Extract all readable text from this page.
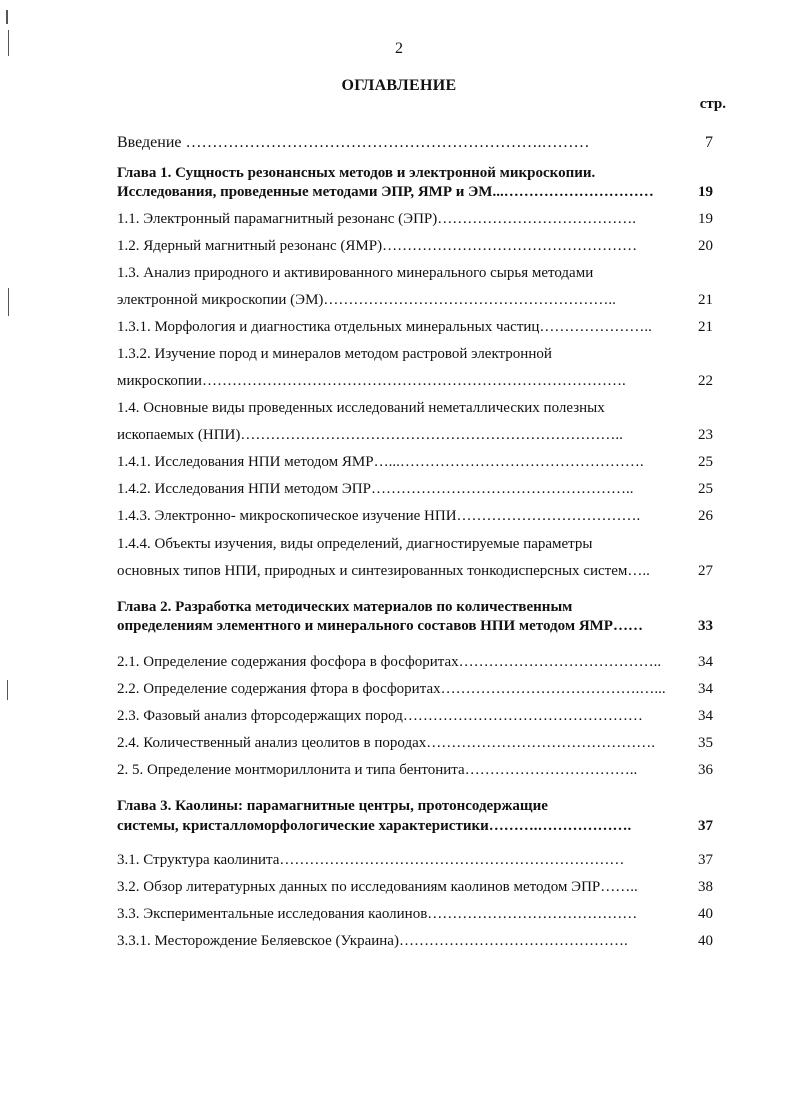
2
ОГЛАВЛЕНИЕ
стр.
Введение ………………………………………………………….………	7
Глава 1. Сущность резонансных методов и электронной микроскопии.
Исследования, проведенные методами ЭПР, ЯМР и ЭМ...…………………………	19
1.1. Электронный парамагнитный резонанс (ЭПР)………………………………….	19
1.2. Ядерный магнитный резонанс (ЯМР)……………………………………………	20
1.3. Анализ природного и активированного минерального сырья методами
электронной микроскопии (ЭМ)…………………………………………………..	21
1.3.1. Морфология и диагностика отдельных минеральных частиц…………………..	21
1.3.2. Изучение пород и минералов методом растровой электронной
микроскопии………………………………………………………………………….	22
1.4. Основные виды проведенных исследований неметаллических полезных
ископаемых (НПИ)…………………………………………………………………..	23
1.4.1. Исследования НПИ методом ЯМР…...………………………………………….	25
1.4.2. Исследования НПИ методом ЭПР……………………………………………..	25
1.4.3. Электронно- микроскопическое изучение НПИ……………………………….	26
1.4.4. Объекты изучения, виды определений, диагностируемые параметры
основных типов НПИ, природных и синтезированных тонкодисперсных систем…..	27
Глава 2. Разработка методических материалов по количественным
определениям элементного и минерального составов НПИ методом ЯМР……	33
2.1. Определение содержания фосфора в фосфоритах………………………………….. 34
2.2. Определение содержания фтора в фосфоритах………………………………….…... 34
2.3. Фазовый анализ фторсодержащих пород…………………………………………	34
2.4. Количественный анализ цеолитов в породах……………………………………….	35
2. 5. Определение монтмориллонита и типа бентонита……………………………..	36
Глава 3. Каолины: парамагнитные центры, протонсодержащие
системы, кристалломорфологические характеристики……….……………….	37
3.1. Структура каолинита……………………………………………………………	37
3.2. Обзор литературных данных по исследованиям каолинов методом ЭПР……..	38
3.3. Экспериментальные исследования каолинов……………………………………	40
3.3.1. Месторождение Беляевское (Украина)……………………………………….	40
